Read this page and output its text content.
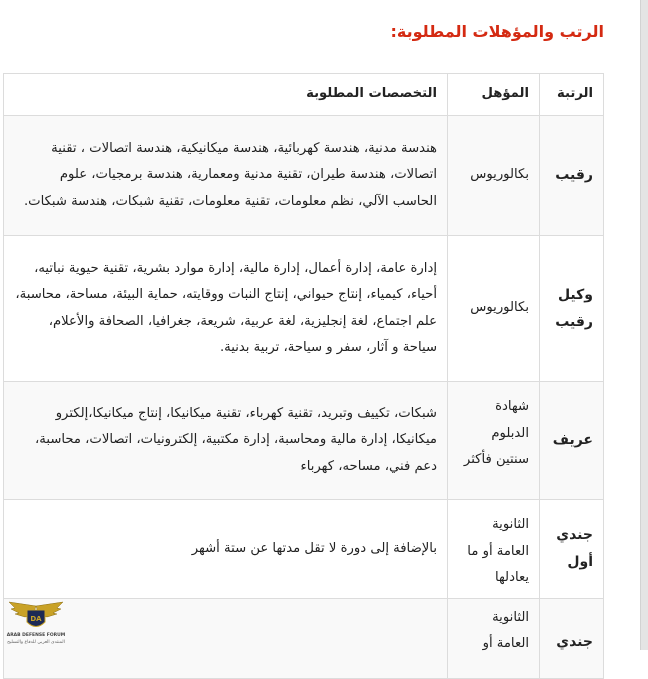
الرتب والمؤهلات المطلوبة:
الرتبة	المؤهل	التخصصات المطلوبة
رقيب	بكالوريوس	هندسة مدنية، هندسة كهربائية، هندسة ميكانيكية، هندسة اتصالات ، تقنية اتصالات، هندسة طيران، تقنية مدنية ومعمارية، هندسة برمجيات، علوم الحاسب الآلي، نظم معلومات، تقنية معلومات، تقنية شبكات، هندسة شبكات.
وكيل رقيب	بكالوريوس	إدارة عامة، إدارة أعمال، إدارة مالية، إدارة موارد بشرية، تقنية حيوية نباتيه، أحياء، كيمياء، إنتاج حيواني، إنتاج النبات ووقايته، حماية البيئة، مساحة، محاسبة، علم اجتماع، لغة إنجليزية، لغة عربية، شريعة، جغرافيا، الصحافة والأعلام، سياحة و آثار، سفر و سياحة، تربية بدنية.
عريف	شهادة الدبلوم سنتين فأكثر	شبكات، تكييف وتبريد، تقنية كهرباء، تقنية ميكانيكا، إنتاج ميكانيكا،إلكترو ميكانيكا، إدارة مالية ومحاسبة، إدارة مكتبية، إلكترونيات، اتصالات، محاسبة، دعم فني، مساحه، كهرباء
جندي أول	الثانوية العامة أو ما يعادلها	بالإضافة إلى دورة لا تقل مدتها عن ستة أشهر
جندي	الثانوية العامة أو	
DA
ARAB DEFENSE FORUM
المنتدى العربي للدفاع والتسليح
